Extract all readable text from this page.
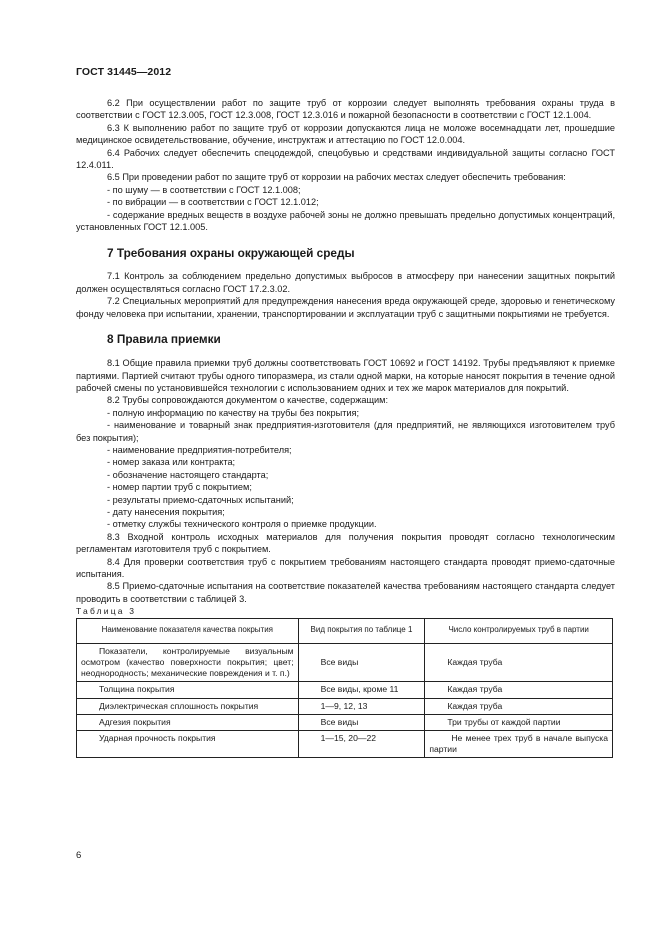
ГОСТ 31445—2012

6.2 При осуществлении работ по защите труб от коррозии следует выполнять требования охраны труда в соответствии с ГОСТ 12.3.005, ГОСТ 12.3.008, ГОСТ 12.3.016 и пожарной безопасности в соответствии с ГОСТ 12.1.004.

6.3 К выполнению работ по защите труб от коррозии допускаются лица не моложе восемнадцати лет, прошедшие медицинское освидетельствование, обучение, инструктаж и аттестацию по ГОСТ 12.0.004.

6.4 Рабочих следует обеспечить спецодеждой, спецобувью и средствами индивидуальной защиты согласно ГОСТ 12.4.011.

6.5 При проведении работ по защите труб от коррозии на рабочих местах следует обеспечить требования:

- по шуму — в соответствии с ГОСТ 12.1.008;

- по вибрации — в соответствии с ГОСТ 12.1.012;

- содержание вредных веществ в воздухе рабочей зоны не должно превышать предельно допустимых концентраций, установленных ГОСТ 12.1.005.

7 Требования охраны окружающей среды

7.1 Контроль за соблюдением предельно допустимых выбросов в атмосферу при нанесении защитных покрытий должен осуществляться согласно ГОСТ 17.2.3.02.

7.2 Специальных мероприятий для предупреждения нанесения вреда окружающей среде, здоровью и генетическому фонду человека при испытании, хранении, транспортировании и эксплуатации труб с защитными покрытиями не требуется.

8 Правила приемки

8.1 Общие правила приемки труб должны соответствовать ГОСТ 10692 и ГОСТ 14192. Трубы предъявляют к приемке партиями. Партией считают трубы одного типоразмера, из стали одной марки, на которые наносят покрытия в течение одной рабочей смены по установившейся технологии с использованием одних и тех же марок материалов для покрытий.

8.2 Трубы сопровождаются документом о качестве, содержащим:

- полную информацию по качеству на трубы без покрытия;

- наименование и товарный знак предприятия-изготовителя (для предприятий, не являющихся изготовителем труб без покрытия);

- наименование предприятия-потребителя;

- номер заказа или контракта;

- обозначение настоящего стандарта;

- номер партии труб с покрытием;

- результаты приемо-сдаточных испытаний;

- дату нанесения покрытия;

- отметку службы технического контроля о приемке продукции.

8.3 Входной контроль исходных материалов для получения покрытия проводят согласно технологическим регламентам изготовителя труб с покрытием.

8.4 Для проверки соответствия труб с покрытием требованиям настоящего стандарта проводят приемо-сдаточные испытания.

8.5 Приемо-сдаточные испытания на соответствие показателей качества требованиям настоящего стандарта следует проводить в соответствии с таблицей 3.

Таблица 3

Наименование показателя качества покрытия	Вид покрытия по таблице 1	Число контролируемых труб в партии

Показатели, контролируемые визуальным осмотром (качество поверхности покрытия; цвет; неоднородность; механические повреждения и т. п.)	Все виды	Каждая труба

Толщина покрытия	Все виды, кроме 11	Каждая труба

Диэлектрическая сплошность покрытия	1—9, 12, 13	Каждая труба

Адгезия покрытия	Все виды	Три трубы от каждой партии

Ударная прочность покрытия	1—15, 20—22	Не менее трех труб в начале выпуска партии
6
